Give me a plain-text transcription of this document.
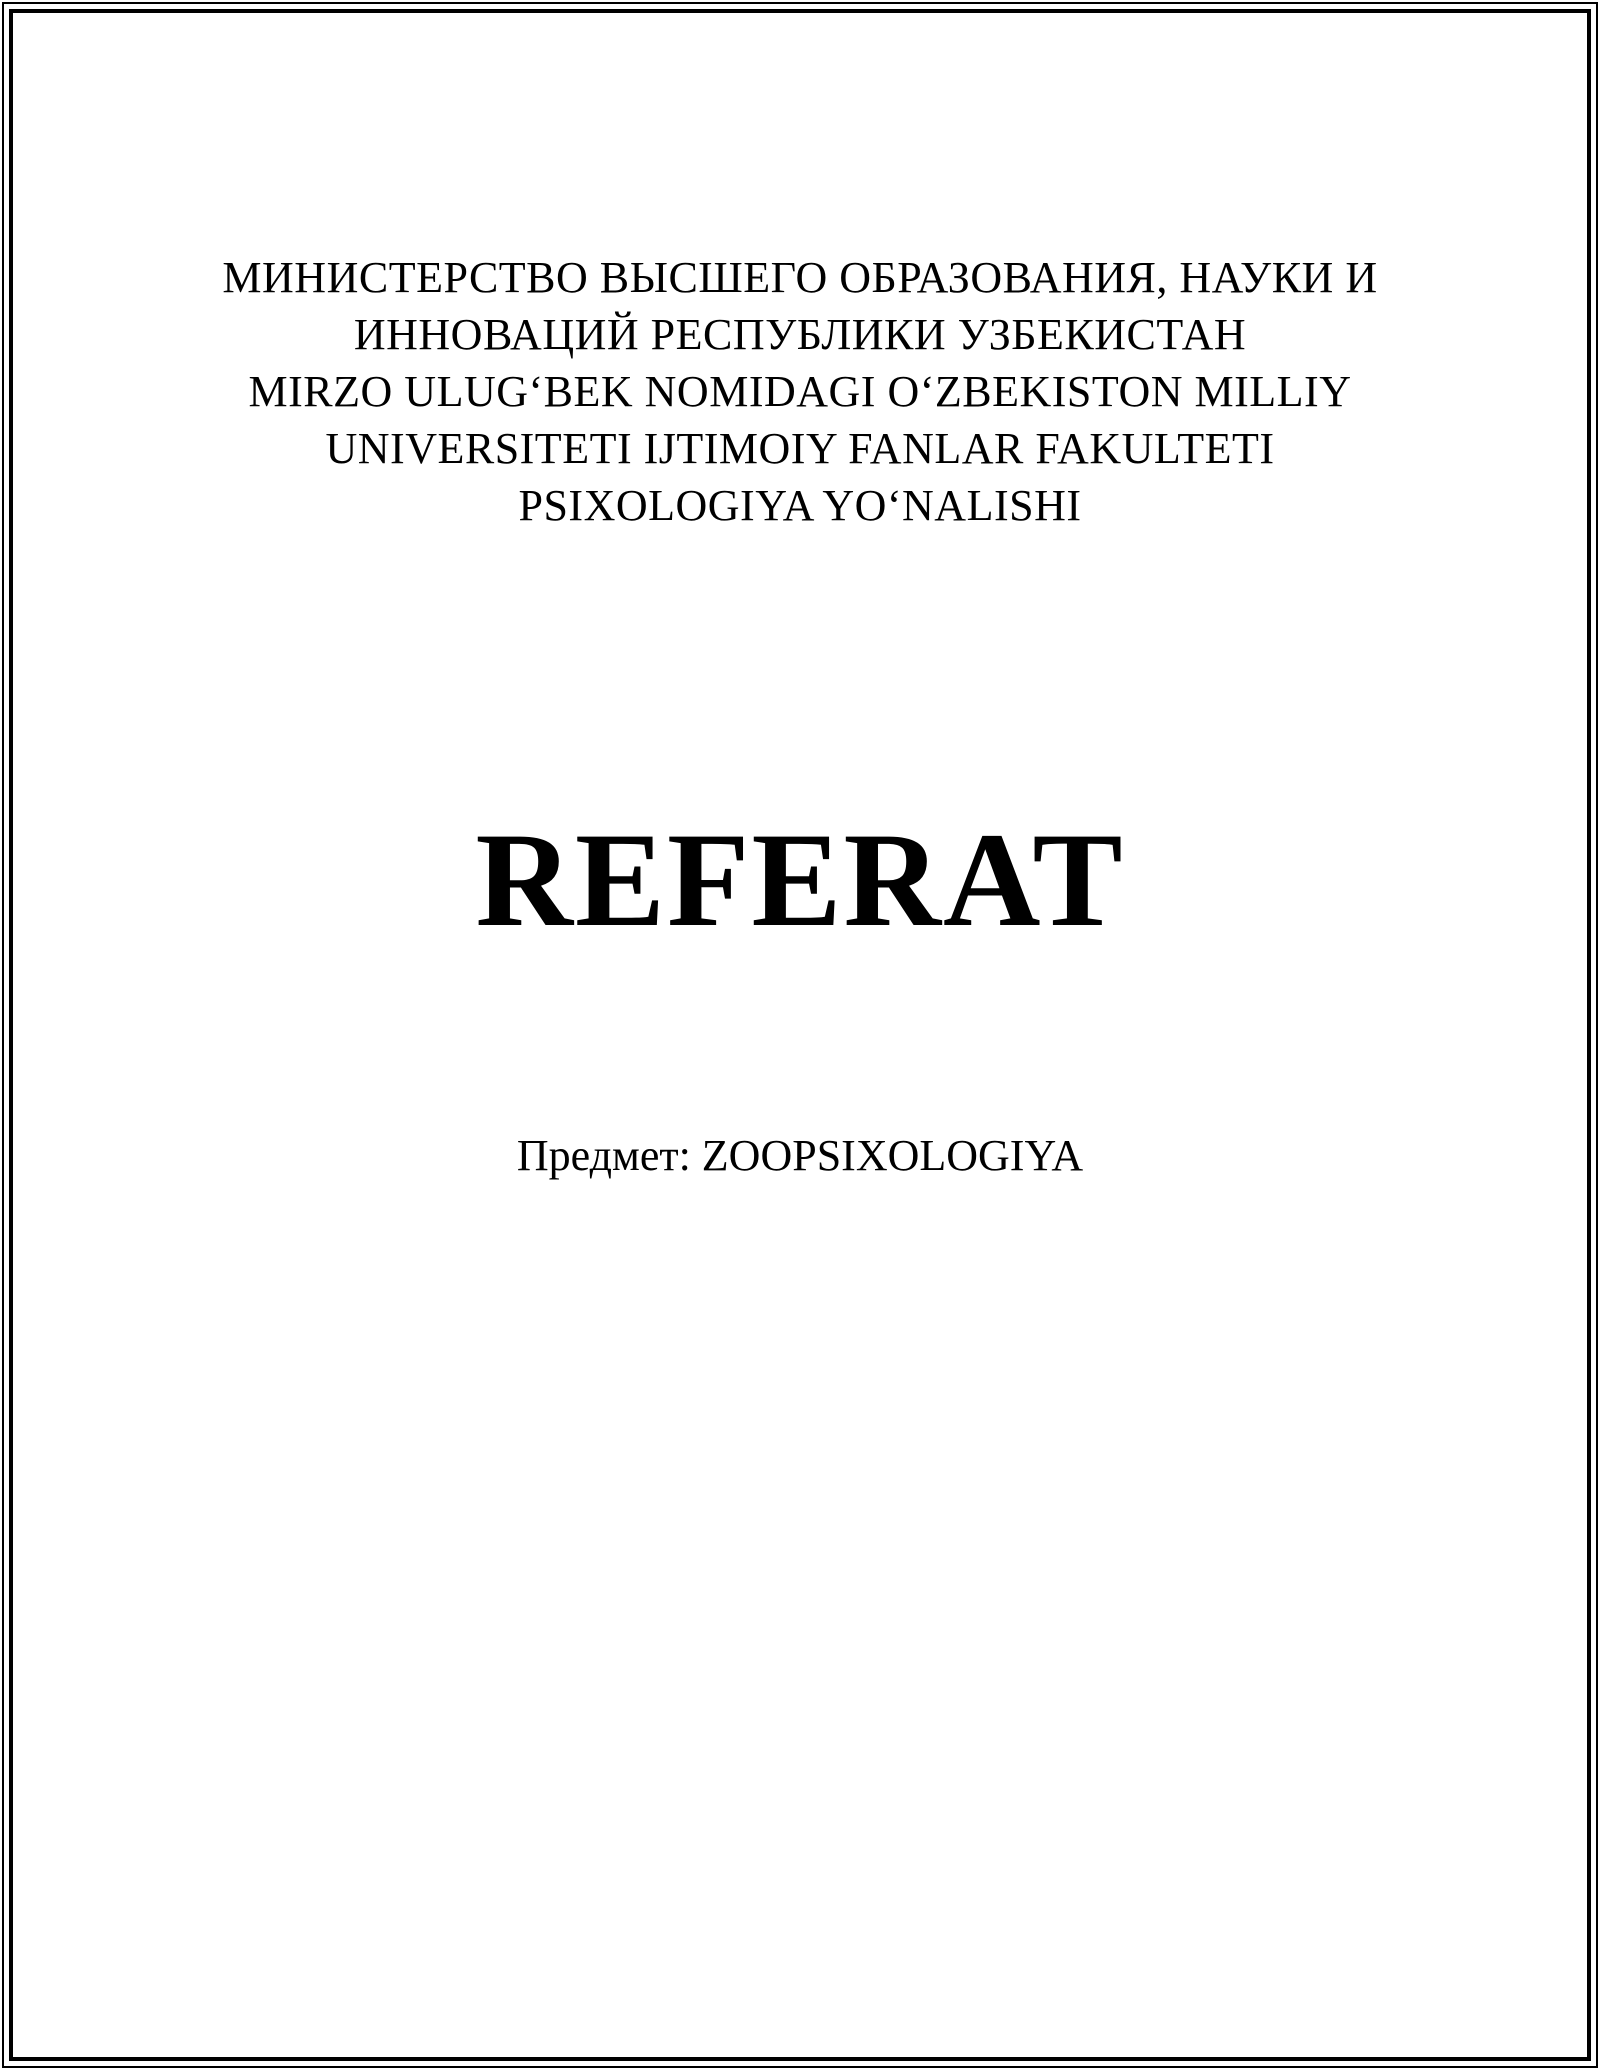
МИНИСТЕРСТВО ВЫСШЕГО ОБРАЗОВАНИЯ, НАУКИ И
ИННОВАЦИЙ РЕСПУБЛИКИ УЗБЕКИСТАН
MIRZO ULUG‘BEK NOMIDAGI O‘ZBEKISTON MILLIY
UNIVERSITETI IJTIMOIY FANLAR FAKULTETI
PSIXOLOGIYA YO‘NALISHI
REFERAT
Предмет: ZOOPSIXOLOGIYA
